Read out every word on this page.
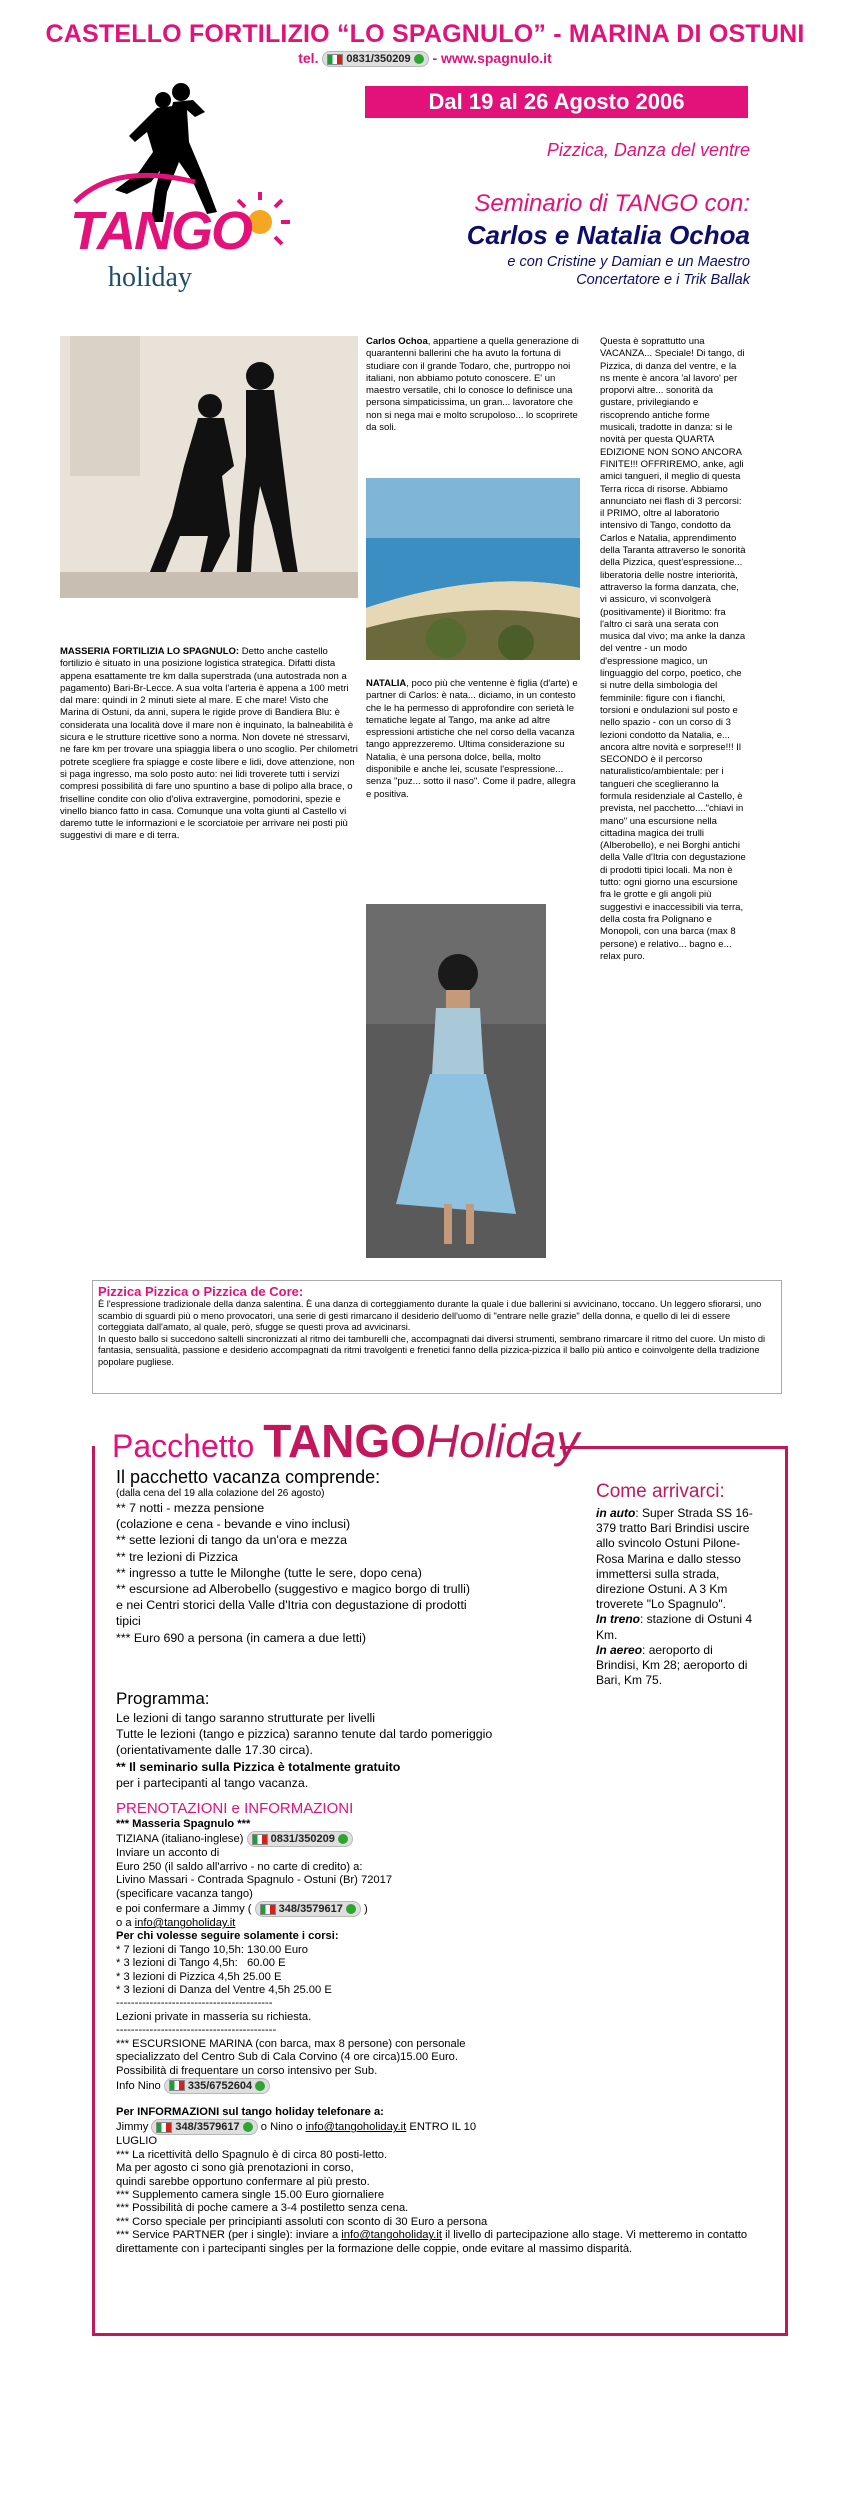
CASTELLO FORTILIZIO “LO SPAGNULO” - MARINA DI OSTUNI
tel.	0831/350209 - www.spagnulo.it
TANGO
holiday
Dal 19 al 26 Agosto 2006
Pizzica, Danza del ventre
Seminario di TANGO con:
Carlos e Natalia Ochoa
e con Cristine y Damian e un Maestro
Concertatore e i Trik Ballak
MASSERIA FORTILIZIA LO SPAGNULO: Detto anche castello fortilizio è situato in una posizione logistica strategica. Difatti dista appena esattamente tre km dalla superstrada (una autostrada non a pagamento) Bari-Br-Lecce. A sua volta l'arteria è appena a 100 metri dal mare: quindi in 2 minuti siete al mare. E che mare! Visto che Marina di Ostuni, da anni, supera le rigide prove di Bandiera Blu: è considerata una località dove il mare non è inquinato, la balneabilità è sicura e le strutture ricettive sono a norma. Non dovete né stressarvi, ne fare km per trovare una spiaggia libera o uno scoglio. Per chilometri potrete scegliere fra spiagge e coste libere e lidi, dove attenzione, non si paga ingresso, ma solo posto auto: nei lidi troverete tutti i servizi compresi possibilità di fare uno spuntino a base di polipo alla brace, o friselline condite con olio d'oliva extravergine, pomodorini, spezie e vinello bianco fatto in casa. Comunque una volta giunti al Castello vi daremo tutte le informazioni e le scorciatoie per arrivare nei posti più suggestivi di mare e di terra.
Carlos Ochoa, appartiene a quella generazione di quarantenni ballerini che ha avuto la fortuna di studiare con il grande Todaro, che, purtroppo noi italiani, non abbiamo potuto conoscere. E' un maestro versatile, chi lo conosce lo definisce una persona simpaticissima, un gran... lavoratore che non si nega mai e molto scrupoloso... lo scoprirete da soli.
NATALIA, poco più che ventenne è figlia (d'arte) e partner di Carlos: è nata... diciamo, in un contesto che le ha permesso di approfondire con serietà le tematiche legate al Tango, ma anke ad altre espressioni artistiche che nel corso della vacanza tango apprezzeremo. Ultima considerazione su Natalia, è una persona dolce, bella, molto disponibile e anche lei, scusate l'espressione... senza "puz... sotto il naso". Come il padre, allegra e positiva.

Questa è soprattutto una VACANZA... Speciale! Di tango, di Pizzica, di danza del ventre, e la ns mente è ancora 'al lavoro' per proporvi altre... sonorità da gustare, privilegiando e riscoprendo antiche forme musicali, tradotte in danza: si le novità per questa QUARTA EDIZIONE NON SONO ANCORA FINITE!!! OFFRIREMO, anke, agli amici tangueri, il meglio di questa Terra ricca di risorse. Abbiamo annunciato nei flash di 3 percorsi: il PRIMO, oltre al laboratorio intensivo di Tango, condotto da Carlos e Natalia, apprendimento della Taranta attraverso le sonorità della Pizzica, quest'espressione... liberatoria delle nostre interiorità, attraverso la forma danzata, che, vi assicuro, vi sconvolgerà (positivamente) il Bioritmo: fra l'altro ci sarà una serata con musica dal vivo; ma anke la danza del ventre - un modo d'espressione magico, un linguaggio del corpo, poetico, che si nutre della simbologia del femminile: figure con i fianchi, torsioni e ondulazioni sul posto e nello spazio - con un corso di 3 lezioni condotto da Natalia, e... ancora altre novità e sorprese!!! Il SECONDO è il percorso naturalistico/ambientale: per i tangueri che sceglieranno la formula residenziale al Castello, è prevista, nel pacchetto...."chiavi in mano" una escursione nella cittadina magica dei trulli (Alberobello), e nei Borghi antichi della Valle d'Itria con degustazione di prodotti tipici locali. Ma non è tutto: ogni giorno una escursione fra le grotte e gli angoli più suggestivi e inaccessibili via terra, della costa fra Polignano e Monopoli, con una barca (max 8 persone) e relativo... bagno e... relax puro.

Pizzica Pizzica o Pizzica de Core:
È l'espressione tradizionale della danza salentina. È una danza di corteggiamento durante la quale i due ballerini si avvicinano, toccano. Un leggero sfiorarsi, uno scambio di sguardi più o meno provocatori, una serie di gesti rimarcano il desiderio dell'uomo di "entrare nelle grazie" della donna, e quello di lei di essere corteggiata dall'amato, al quale, però, sfugge se questi prova ad avvicinarsi.
In questo ballo si succedono saltelli sincronizzati al ritmo dei tamburelli che, accompagnati dai diversi strumenti, sembrano rimarcare il ritmo del cuore. Un misto di fantasia, sensualità, passione e desiderio accompagnati da ritmi travolgenti e frenetici fanno della pizzica-pizzica il ballo più antico e coinvolgente della tradizione popolare pugliese.
Pacchetto TANGOHoliday
Il pacchetto vacanza comprende:
(dalla cena del 19 alla colazione del 26 agosto)
** 7 notti - mezza pensione
(colazione e cena - bevande e vino inclusi)
** sette lezioni di tango da un'ora e mezza
** tre lezioni di Pizzica
** ingresso a tutte le Milonghe (tutte le sere, dopo cena)
** escursione ad Alberobello (suggestivo e magico borgo di trulli)
e nei Centri storici della Valle d'Itria con degustazione di prodotti
tipici
*** Euro 690 a persona (in camera a due letti)
Programma:
Le lezioni di tango saranno strutturate per livelli
Tutte le lezioni (tango e pizzica) saranno tenute dal tardo pomeriggio
(orientativamente dalle 17.30 circa).
** Il seminario sulla Pizzica è totalmente gratuito
per i partecipanti al tango vacanza.
Come arrivarci:
in auto: Super Strada SS 16-379 tratto Bari Brindisi uscire allo svincolo Ostuni Pilone-Rosa Marina e dallo stesso immettersi sulla strada, direzione Ostuni. A 3 Km troverete "Lo Spagnulo".
In treno: stazione di Ostuni 4 Km.
In aereo: aeroporto di Brindisi, Km 28; aeroporto di Bari, Km 75.
PRENOTAZIONI e INFORMAZIONI
*** Masseria Spagnulo ***
TIZIANA (italiano-inglese) 0831/350209
Inviare un acconto di
Euro 250 (il saldo all'arrivo - no carte di credito) a:
Livino Massari - Contrada Spagnulo - Ostuni (Br) 72017
(specificare vacanza tango)
e poi confermare a Jimmy ( 348/3579617 )
o a info@tangoholiday.it
Per chi volesse seguire solamente i corsi:
* 7 lezioni di Tango 10,5h: 130.00 Euro
* 3 lezioni di Tango 4,5h:   60.00 E
* 3 lezioni di Pizzica 4,5h 25.00 E
* 3 lezioni di Danza del Ventre 4,5h 25.00 E
------------------------------------------
Lezioni private in masseria su richiesta.
-------------------------------------------
*** ESCURSIONE MARINA (con barca, max 8 persone) con personale
specializzato del Centro Sub di Cala Corvino (4 ore circa)15.00 Euro.
Possibilità di frequentare un corso intensivo per Sub.
Info Nino 335/6752604
Per INFORMAZIONI sul tango holiday telefonare a:
Jimmy 348/3579617 o Nino o info@tangoholiday.it ENTRO IL 10
LUGLIO
*** La ricettività dello Spagnulo è di circa 80 posti-letto.
Ma per agosto ci sono già prenotazioni in corso,
quindi sarebbe opportuno confermare al più presto.
*** Supplemento camera single 15.00 Euro giornaliere
*** Possibilità di poche camere a 3-4 postiletto senza cena.
*** Corso speciale per principianti assoluti con sconto di 30 Euro a persona
*** Service PARTNER (per i single): inviare a info@tangoholiday.it il livello di partecipazione allo stage. Vi metteremo in contatto direttamente con i partecipanti singles per la formazione delle coppie, onde evitare al massimo disparità.
